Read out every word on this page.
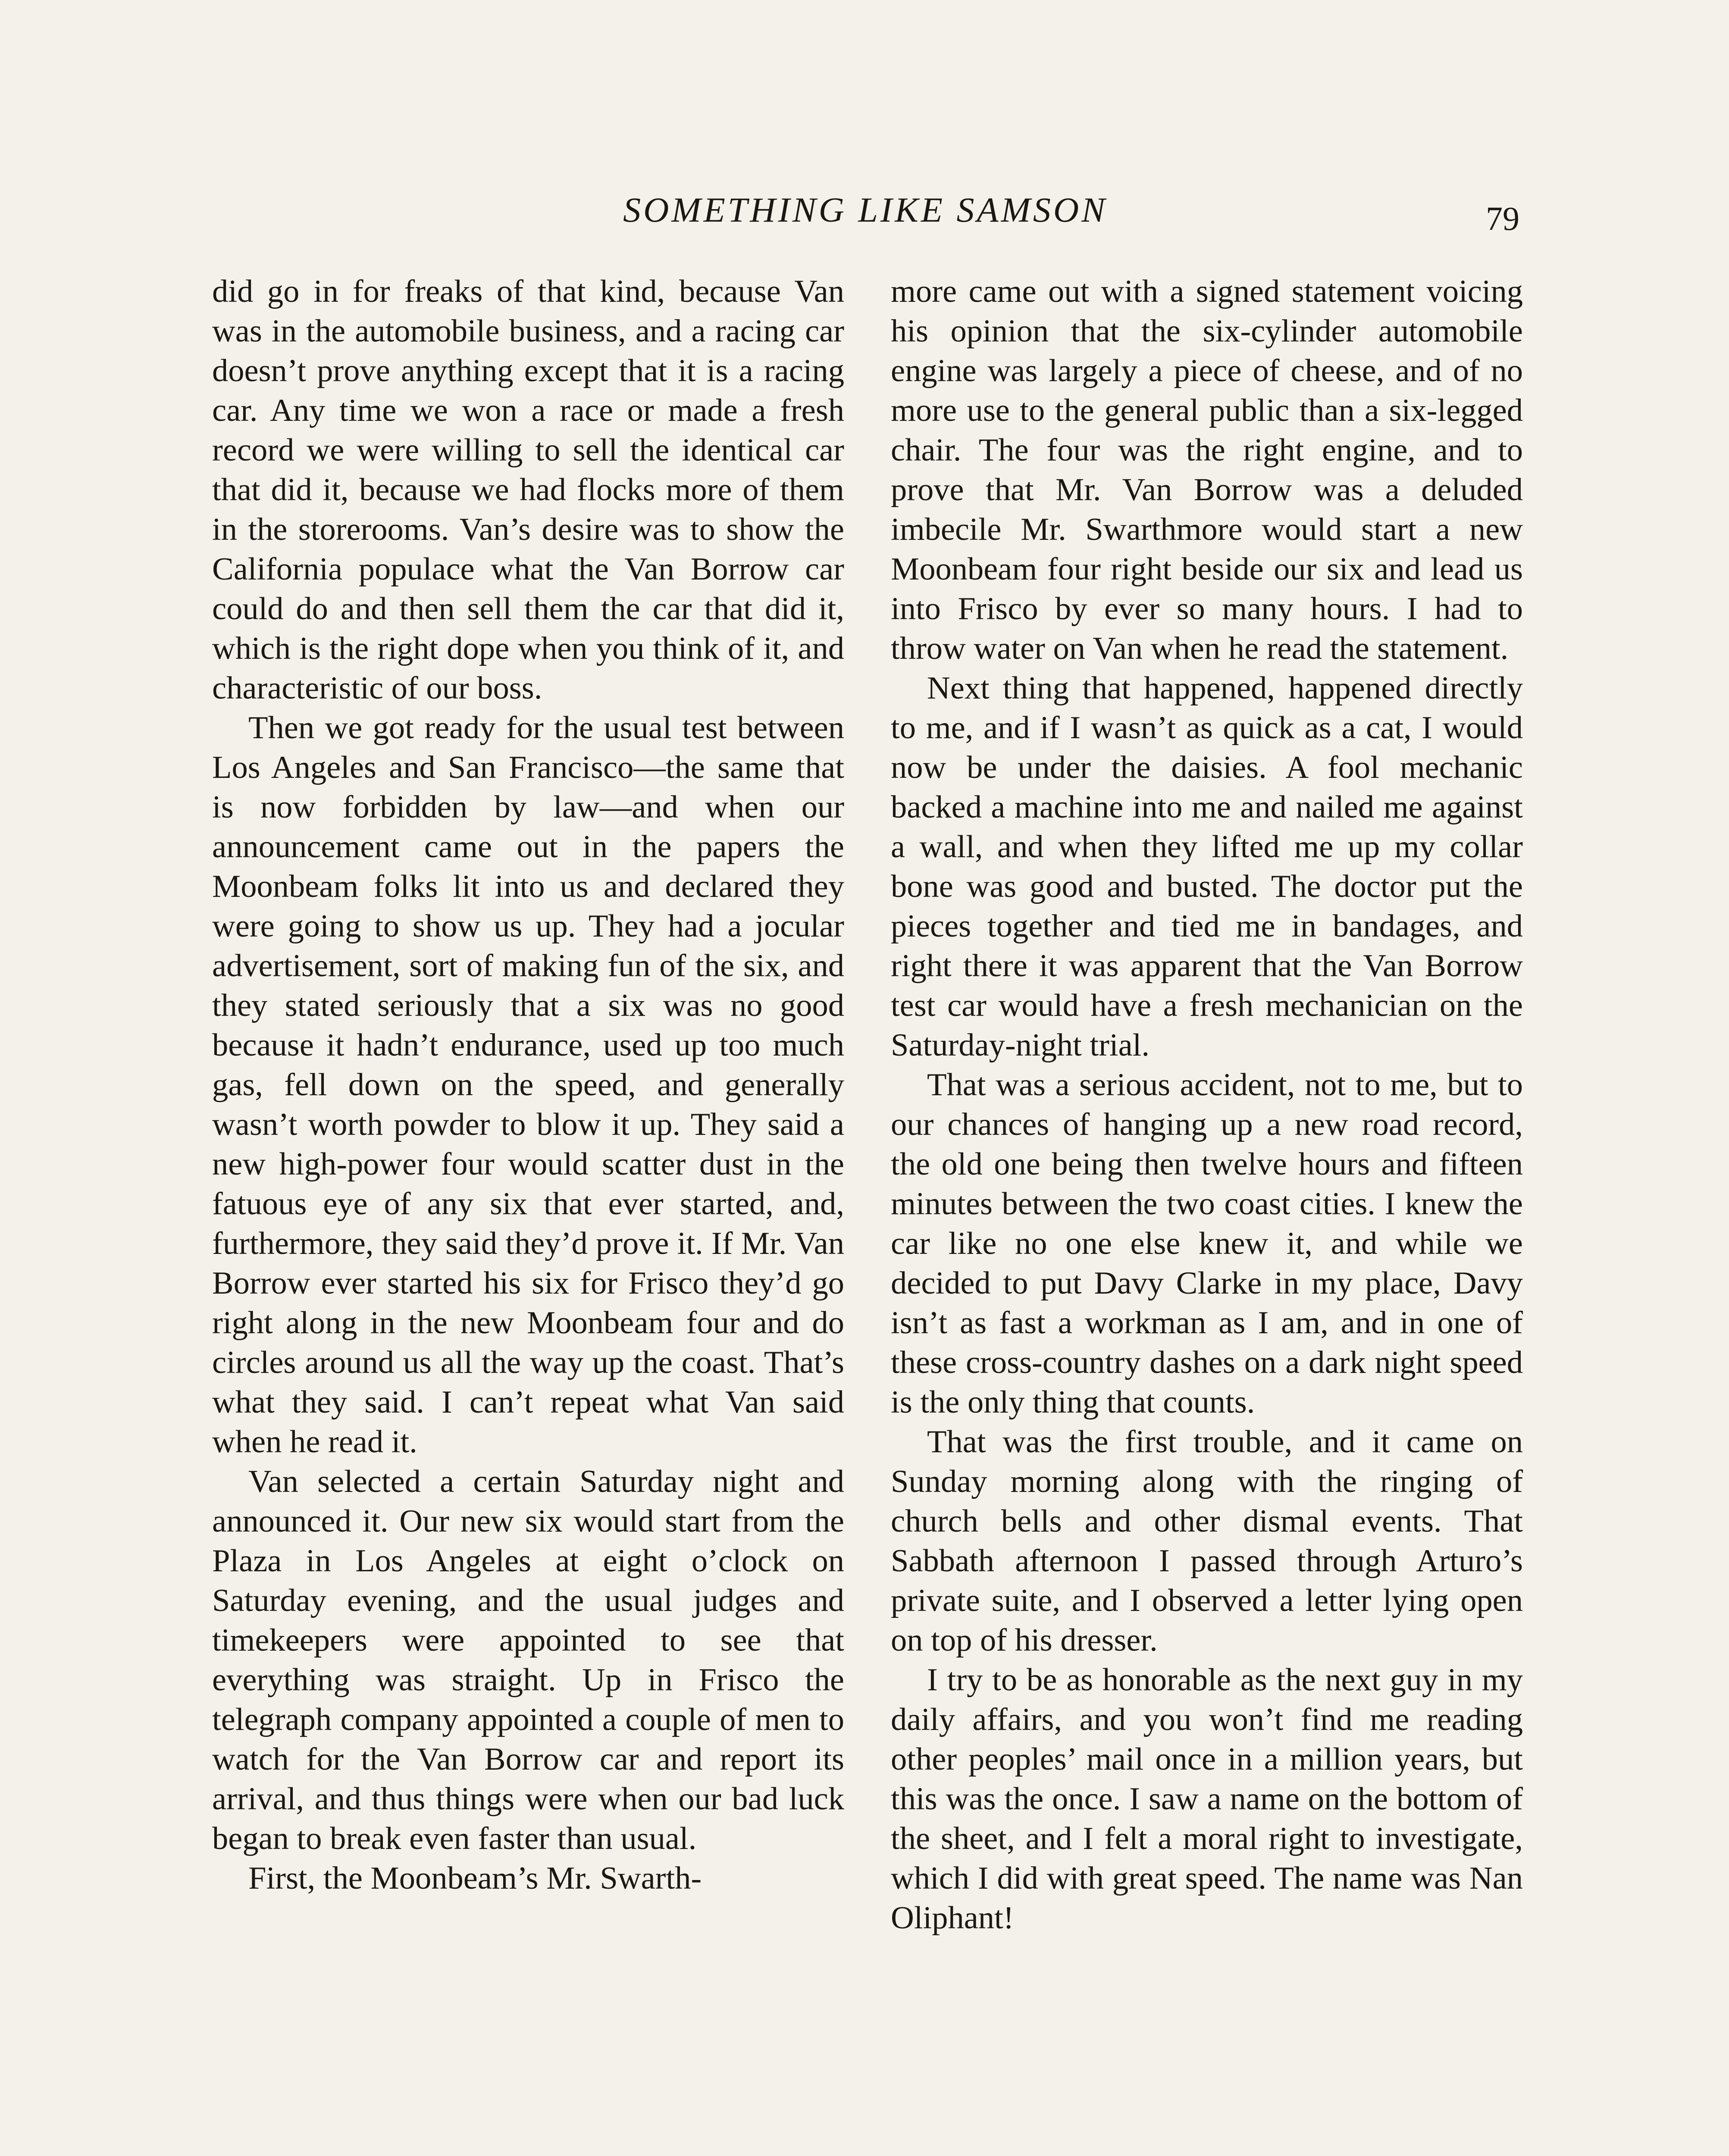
SOMETHING LIKE SAMSON	79

did go in for freaks of that kind, because Van was in the automobile business, and a racing car doesn’t prove anything except that it is a racing car. Any time we won a race or made a fresh record we were willing to sell the identical car that did it, because we had flocks more of them in the storerooms. Van’s desire was to show the California populace what the Van Borrow car could do and then sell them the car that did it, which is the right dope when you think of it, and characteristic of our boss.

Then we got ready for the usual test between Los Angeles and San Francisco—the same that is now forbidden by law—and when our announcement came out in the papers the Moonbeam folks lit into us and declared they were going to show us up. They had a jocular advertisement, sort of making fun of the six, and they stated seriously that a six was no good because it hadn’t endurance, used up too much gas, fell down on the speed, and generally wasn’t worth powder to blow it up. They said a new high-power four would scatter dust in the fatuous eye of any six that ever started, and, furthermore, they said they’d prove it. If Mr. Van Borrow ever started his six for Frisco they’d go right along in the new Moonbeam four and do circles around us all the way up the coast. That’s what they said. I can’t repeat what Van said when he read it.

Van selected a certain Saturday night and announced it. Our new six would start from the Plaza in Los Angeles at eight o’clock on Saturday evening, and the usual judges and timekeepers were appointed to see that everything was straight. Up in Frisco the telegraph company appointed a couple of men to watch for the Van Borrow car and report its arrival, and thus things were when our bad luck began to break even faster than usual.

First, the Moonbeam’s Mr. Swarth-

more came out with a signed statement voicing his opinion that the six-cylinder automobile engine was largely a piece of cheese, and of no more use to the general public than a six-legged chair. The four was the right engine, and to prove that Mr. Van Borrow was a deluded imbecile Mr. Swarthmore would start a new Moonbeam four right beside our six and lead us into Frisco by ever so many hours. I had to throw water on Van when he read the statement.

Next thing that happened, happened directly to me, and if I wasn’t as quick as a cat, I would now be under the daisies. A fool mechanic backed a machine into me and nailed me against a wall, and when they lifted me up my collar bone was good and busted. The doctor put the pieces together and tied me in bandages, and right there it was apparent that the Van Borrow test car would have a fresh mechanician on the Saturday-night trial.

That was a serious accident, not to me, but to our chances of hanging up a new road record, the old one being then twelve hours and fifteen minutes between the two coast cities. I knew the car like no one else knew it, and while we decided to put Davy Clarke in my place, Davy isn’t as fast a workman as I am, and in one of these cross-country dashes on a dark night speed is the only thing that counts.

That was the first trouble, and it came on Sunday morning along with the ringing of church bells and other dismal events. That Sabbath afternoon I passed through Arturo’s private suite, and I observed a letter lying open on top of his dresser.

I try to be as honorable as the next guy in my daily affairs, and you won’t find me reading other peoples’ mail once in a million years, but this was the once. I saw a name on the bottom of the sheet, and I felt a moral right to investigate, which I did with great speed. The name was Nan Oliphant!
